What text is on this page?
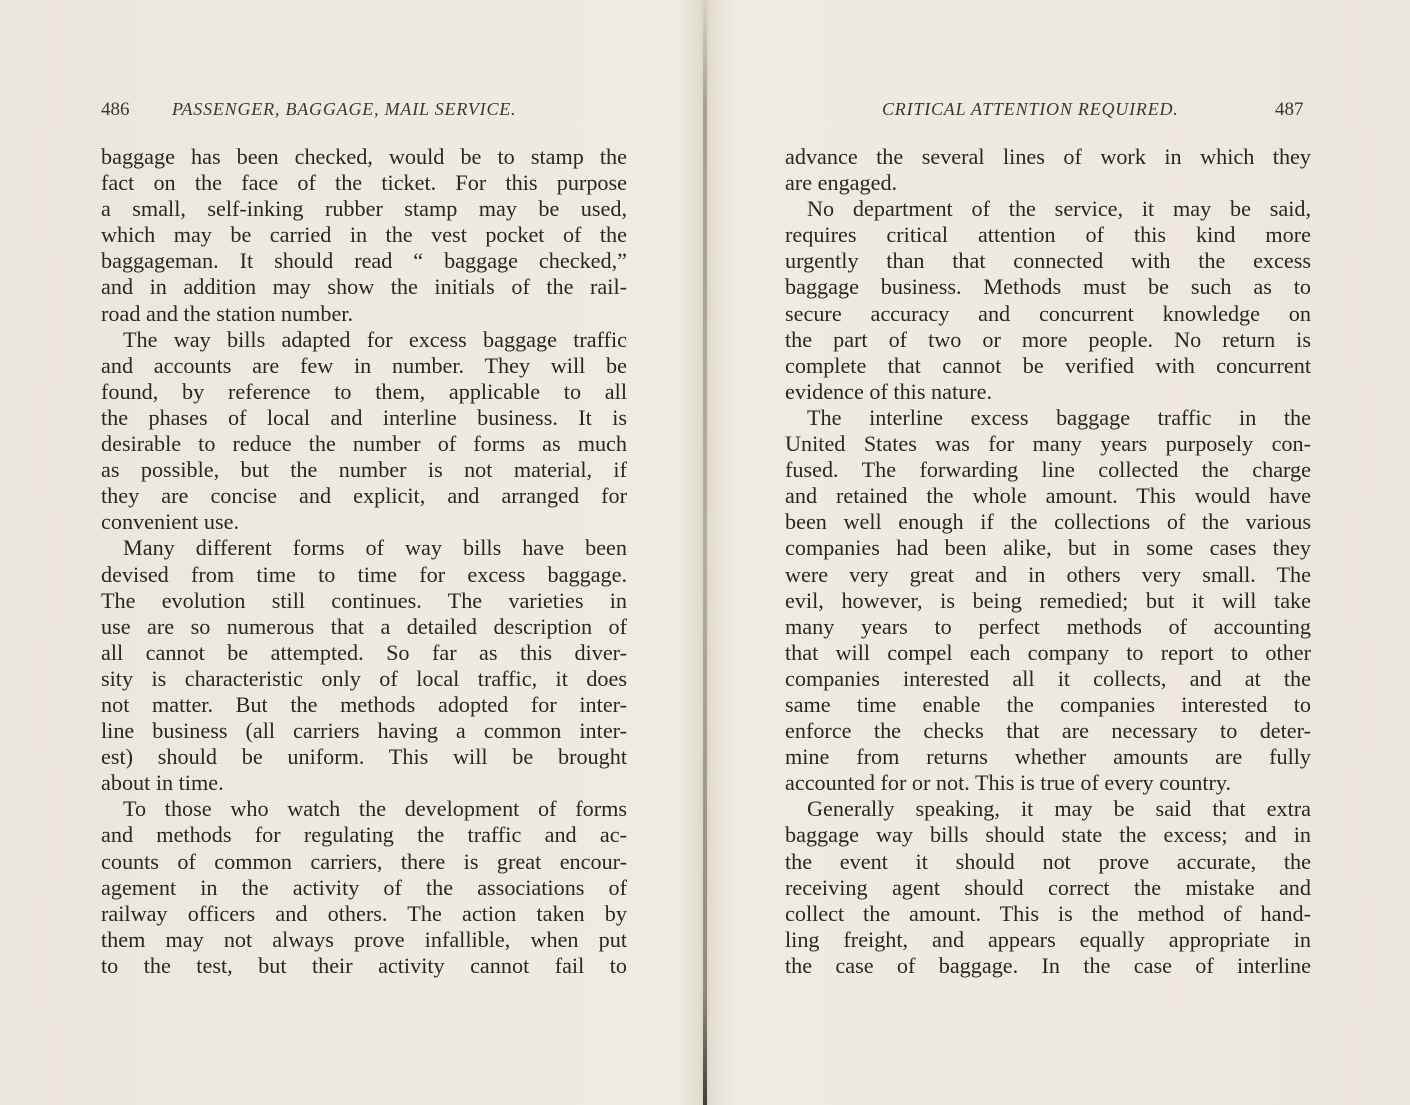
486 PASSENGER, BAGGAGE, MAIL SERVICE.
baggage has been checked, would be to stamp the
fact on the face of the ticket. For this purpose
a small, self-inking rubber stamp may be used,
which may be carried in the vest pocket of the
baggageman. It should read “ baggage checked,”
and in addition may show the initials of the rail-
road and the station number.
The way bills adapted for excess baggage traffic
and accounts are few in number. They will be
found, by reference to them, applicable to all
the phases of local and interline business. It is
desirable to reduce the number of forms as much
as possible, but the number is not material, if
they are concise and explicit, and arranged for
convenient use.
Many different forms of way bills have been
devised from time to time for excess baggage.
The evolution still continues. The varieties in
use are so numerous that a detailed description of
all cannot be attempted. So far as this diver-
sity is characteristic only of local traffic, it does
not matter. But the methods adopted for inter-
line business (all carriers having a common inter-
est) should be uniform. This will be brought
about in time.
To those who watch the development of forms
and methods for regulating the traffic and ac-
counts of common carriers, there is great encour-
agement in the activity of the associations of
railway officers and others. The action taken by
them may not always prove infallible, when put
to the test, but their activity cannot fail to
CRITICAL ATTENTION REQUIRED.	487
advance the several lines of work in which they
are engaged.
No department of the service, it may be said,
requires critical attention of this kind more
urgently than that connected with the excess
baggage business. Methods must be such as to
secure accuracy and concurrent knowledge on
the part of two or more people. No return is
complete that cannot be verified with concurrent
evidence of this nature.
The interline excess baggage traffic in the
United States was for many years purposely con-
fused. The forwarding line collected the charge
and retained the whole amount. This would have
been well enough if the collections of the various
companies had been alike, but in some cases they
were very great and in others very small. The
evil, however, is being remedied; but it will take
many years to perfect methods of accounting
that will compel each company to report to other
companies interested all it collects, and at the
same time enable the companies interested to
enforce the checks that are necessary to deter-
mine from returns whether amounts are fully
accounted for or not. This is true of every country.
Generally speaking, it may be said that extra
baggage way bills should state the excess; and in
the event it should not prove accurate, the
receiving agent should correct the mistake and
collect the amount. This is the method of hand-
ling freight, and appears equally appropriate in
the case of baggage. In the case of interline
